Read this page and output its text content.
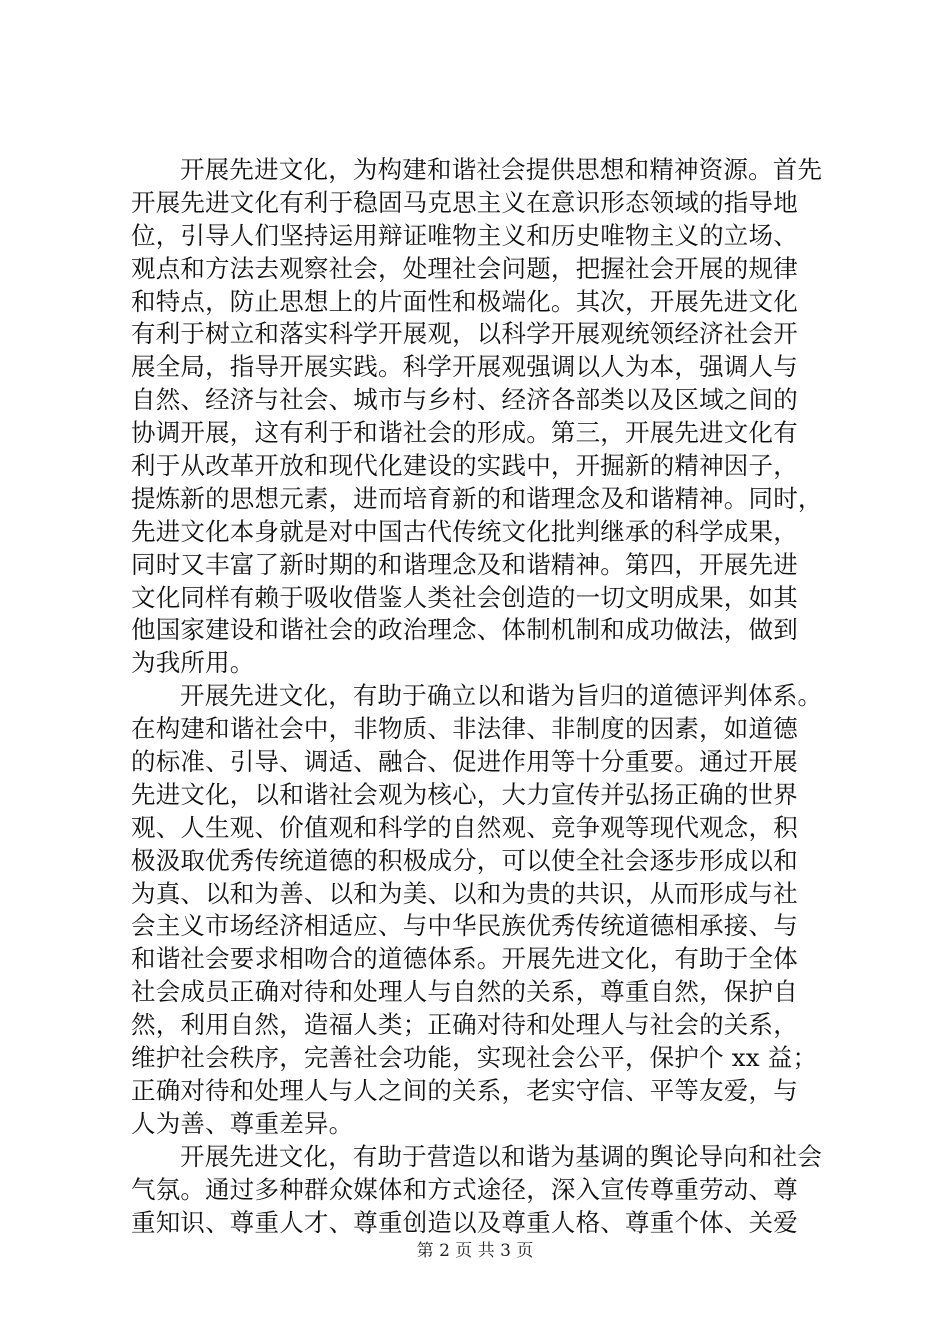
开展先进文化，为构建和谐社会提供思想和精神资源。首先
开展先进文化有利于稳固马克思主义在意识形态领域的指导地
位，引导人们坚持运用辩证唯物主义和历史唯物主义的立场、
观点和方法去观察社会，处理社会问题，把握社会开展的规律
和特点，防止思想上的片面性和极端化。其次，开展先进文化
有利于树立和落实科学开展观，以科学开展观统领经济社会开
展全局，指导开展实践。科学开展观强调以人为本，强调人与
自然、经济与社会、城市与乡村、经济各部类以及区域之间的
协调开展，这有利于和谐社会的形成。第三，开展先进文化有
利于从改革开放和现代化建设的实践中，开掘新的精神因子，
提炼新的思想元素，进而培育新的和谐理念及和谐精神。同时，
先进文化本身就是对中国古代传统文化批判继承的科学成果，
同时又丰富了新时期的和谐理念及和谐精神。第四，开展先进
文化同样有赖于吸收借鉴人类社会创造的一切文明成果，如其
他国家建设和谐社会的政治理念、体制机制和成功做法，做到
为我所用。
开展先进文化，有助于确立以和谐为旨归的道德评判体系。
在构建和谐社会中，非物质、非法律、非制度的因素，如道德
的标准、引导、调适、融合、促进作用等十分重要。通过开展
先进文化，以和谐社会观为核心，大力宣传并弘扬正确的世界
观、人生观、价值观和科学的自然观、竞争观等现代观念，积
极汲取优秀传统道德的积极成分，可以使全社会逐步形成以和
为真、以和为善、以和为美、以和为贵的共识，从而形成与社
会主义市场经济相适应、与中华民族优秀传统道德相承接、与
和谐社会要求相吻合的道德体系。开展先进文化，有助于全体
社会成员正确对待和处理人与自然的关系，尊重自然，保护自
然，利用自然，造福人类；正确对待和处理人与社会的关系，
维护社会秩序，完善社会功能，实现社会公平，保护个 xx 益；
正确对待和处理人与人之间的关系，老实守信、平等友爱，与
人为善、尊重差异。
开展先进文化，有助于营造以和谐为基调的舆论导向和社会
气氛。通过多种群众媒体和方式途径，深入宣传尊重劳动、尊
重知识、尊重人才、尊重创造以及尊重人格、尊重个体、关爱
第 2 页 共 3 页
